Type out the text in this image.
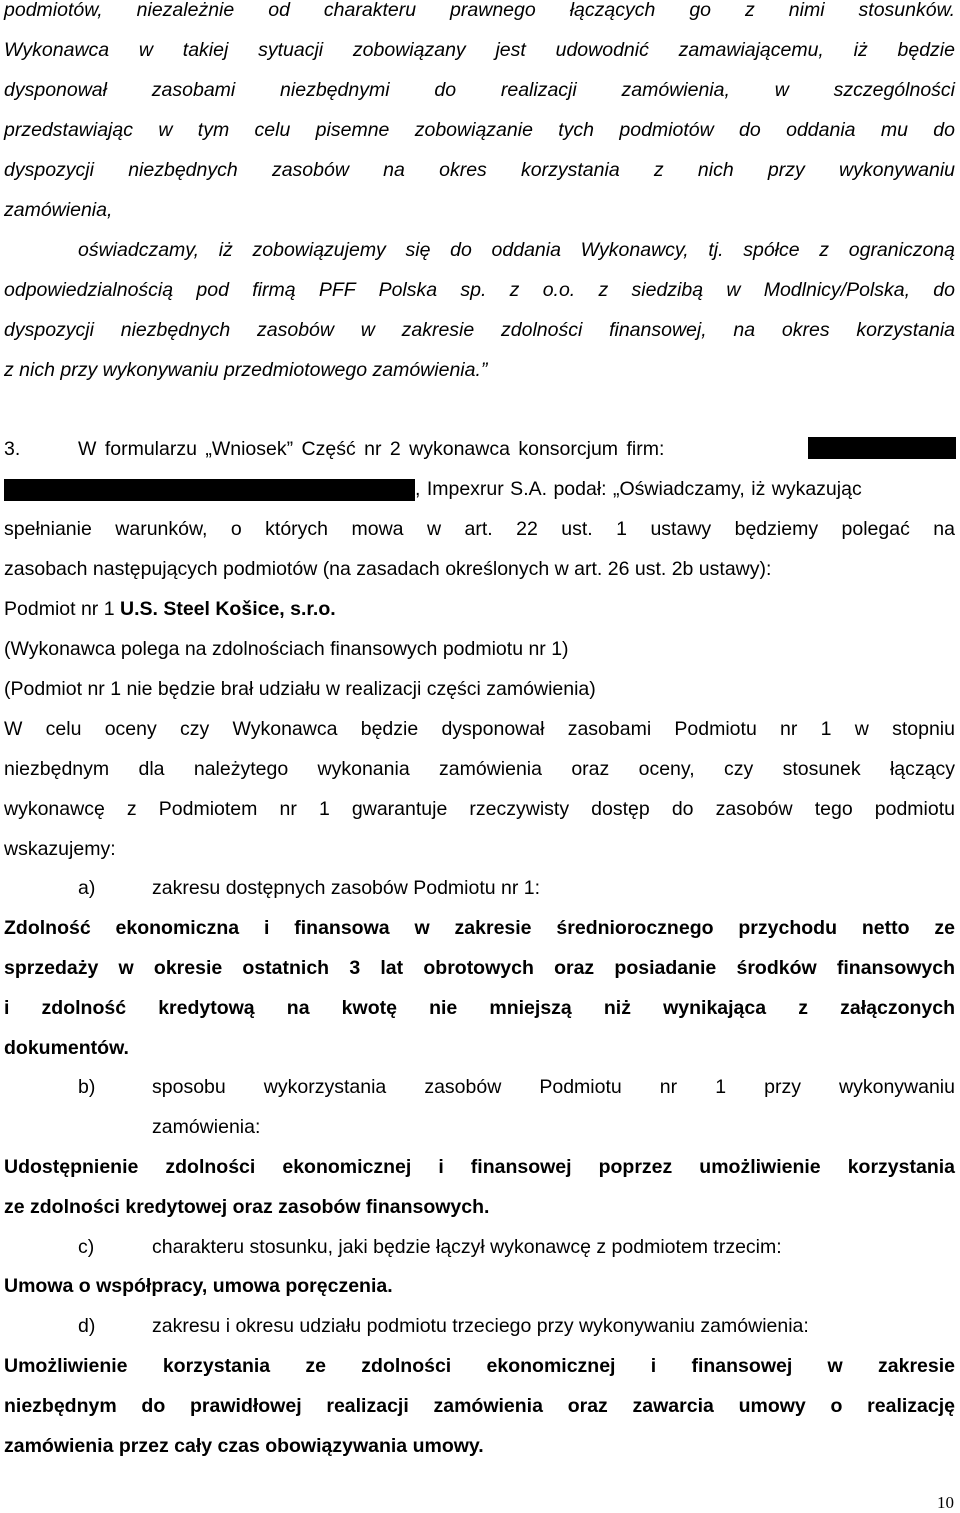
podmiotów, niezależnie od charakteru prawnego łączących go z nimi stosunków.
Wykonawca w takiej sytuacji zobowiązany jest udowodnić zamawiającemu, iż będzie
dysponował zasobami niezbędnymi do realizacji zamówienia, w szczególności
przedstawiając w tym celu pisemne zobowiązanie tych podmiotów do oddania mu do
dyspozycji niezbędnych zasobów na okres korzystania z nich przy wykonywaniu
zamówienia,
oświadczamy, iż zobowiązujemy się do oddania Wykonawcy, tj. spółce z ograniczoną
odpowiedzialnością pod firmą PFF Polska sp. z o.o. z siedzibą w Modlnicy/Polska, do
dyspozycji niezbędnych zasobów w zakresie zdolności finansowej, na okres korzystania
z nich przy wykonywaniu przedmiotowego zamówienia.”
3.	W formularzu „Wniosek” Część nr 2 wykonawca konsorcjum firm:
, Impexrur S.A. podał: „Oświadczamy, iż wykazując
spełnianie warunków, o których mowa w art. 22 ust. 1 ustawy będziemy polegać na
zasobach następujących podmiotów (na zasadach określonych w art. 26 ust. 2b ustawy):
Podmiot nr 1 U.S. Steel Košice, s.r.o.
(Wykonawca polega na zdolnościach finansowych podmiotu nr 1)
(Podmiot nr 1 nie będzie brał udziału w realizacji części zamówienia)
W celu oceny czy Wykonawca będzie dysponował zasobami Podmiotu nr 1 w stopniu
niezbędnym dla należytego wykonania zamówienia oraz oceny, czy stosunek łączący
wykonawcę z Podmiotem nr 1 gwarantuje rzeczywisty dostęp do zasobów tego podmiotu
wskazujemy:
a)	zakresu dostępnych zasobów Podmiotu nr 1:
Zdolność ekonomiczna i finansowa w zakresie średniorocznego przychodu netto ze
sprzedaży w okresie ostatnich 3 lat obrotowych oraz posiadanie środków finansowych
i zdolność kredytową na kwotę nie mniejszą niż wynikająca z załączonych
dokumentów.
b)	sposobu wykorzystania zasobów Podmiotu nr 1 przy wykonywaniu
zamówienia:
Udostępnienie zdolności ekonomicznej i finansowej poprzez umożliwienie korzystania
ze zdolności kredytowej oraz zasobów finansowych.
c)	charakteru stosunku, jaki będzie łączył wykonawcę z podmiotem trzecim:
Umowa o współpracy, umowa poręczenia.
d)	zakresu i okresu udziału podmiotu trzeciego przy wykonywaniu zamówienia:
Umożliwienie korzystania ze zdolności ekonomicznej i finansowej w zakresie
niezbędnym do prawidłowej realizacji zamówienia oraz zawarcia umowy o realizację
zamówienia przez cały czas obowiązywania umowy.
10
